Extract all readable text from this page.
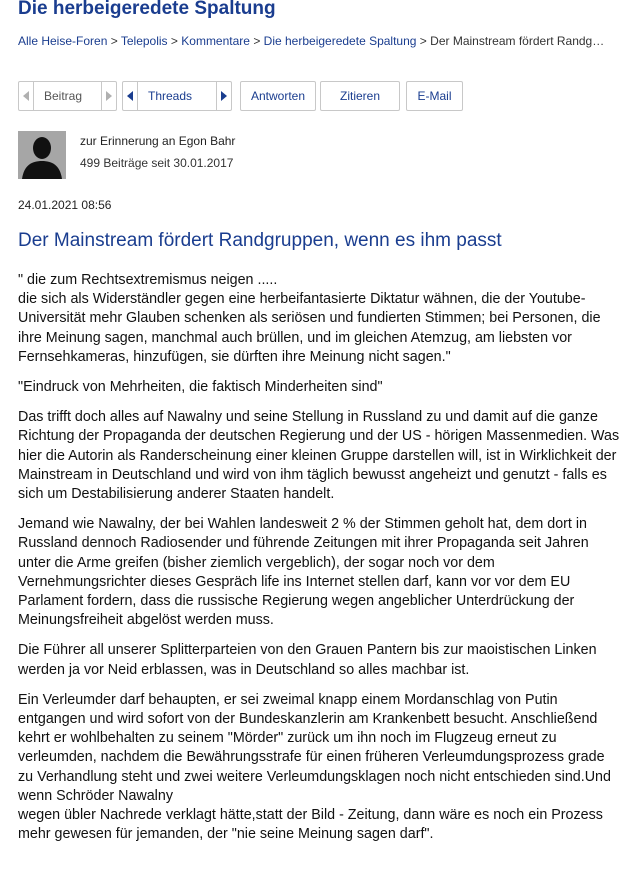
Die herbeigeredete Spaltung
Alle Heise-Foren > Telepolis > Kommentare > Die herbeigeredete Spaltung > Der Mainstream fördert Randg…
Beitrag	Threads	Antworten	Zitieren	E-Mail
zur Erinnerung an Egon Bahr
499 Beiträge seit 30.01.2017
24.01.2021 08:56
Der Mainstream fördert Randgruppen, wenn es ihm passt

" die zum Rechtsextremismus neigen .....
die sich als Widerständler gegen eine herbeifantasierte Diktatur wähnen, die der Youtube-Universität mehr Glauben schenken als seriösen und fundierten Stimmen; bei Personen, die ihre Meinung sagen, manchmal auch brüllen, und im gleichen Atemzug, am liebsten vor Fernsehkameras, hinzufügen, sie dürften ihre Meinung nicht sagen."

"Eindruck von Mehrheiten, die faktisch Minderheiten sind"

Das trifft doch alles auf Nawalny und seine Stellung in Russland zu und damit auf die ganze Richtung der Propaganda der deutschen Regierung und der US - hörigen Massenmedien. Was hier die Autorin als Randerscheinung einer kleinen Gruppe darstellen will, ist in Wirklichkeit der Mainstream in Deutschland und wird von ihm täglich bewusst angeheizt und genutzt - falls es sich um Destabilisierung anderer Staaten handelt.

Jemand wie Nawalny, der bei Wahlen landesweit 2 % der Stimmen geholt hat, dem dort in Russland dennoch Radiosender und führende Zeitungen mit ihrer Propaganda seit Jahren unter die Arme greifen (bisher ziemlich vergeblich), der sogar noch vor dem Vernehmungsrichter dieses Gespräch life ins Internet stellen darf, kann vor vor dem EU Parlament fordern, dass die russische Regierung wegen angeblicher Unterdrückung der Meinungsfreiheit abgelöst werden muss.

Die Führer all unserer Splitterparteien von den Grauen Pantern bis zur maoistischen Linken werden ja vor Neid erblassen, was in Deutschland so alles machbar ist.

Ein Verleumder darf behaupten, er sei zweimal knapp einem Mordanschlag von Putin entgangen und wird sofort von der Bundeskanzlerin am Krankenbett besucht. Anschließend kehrt er wohlbehalten zu seinem "Mörder" zurück um ihn noch im Flugzeug erneut zu verleumden, nachdem die Bewährungsstrafe für einen früheren Verleumdungsprozess grade zu Verhandlung steht und zwei weitere Verleumdungsklagen noch nicht entschieden sind.Und wenn Schröder Nawalny
wegen übler Nachrede verklagt hätte,statt der Bild - Zeitung, dann wäre es noch ein Prozess mehr gewesen für jemanden, der "nie seine Meinung sagen darf".
